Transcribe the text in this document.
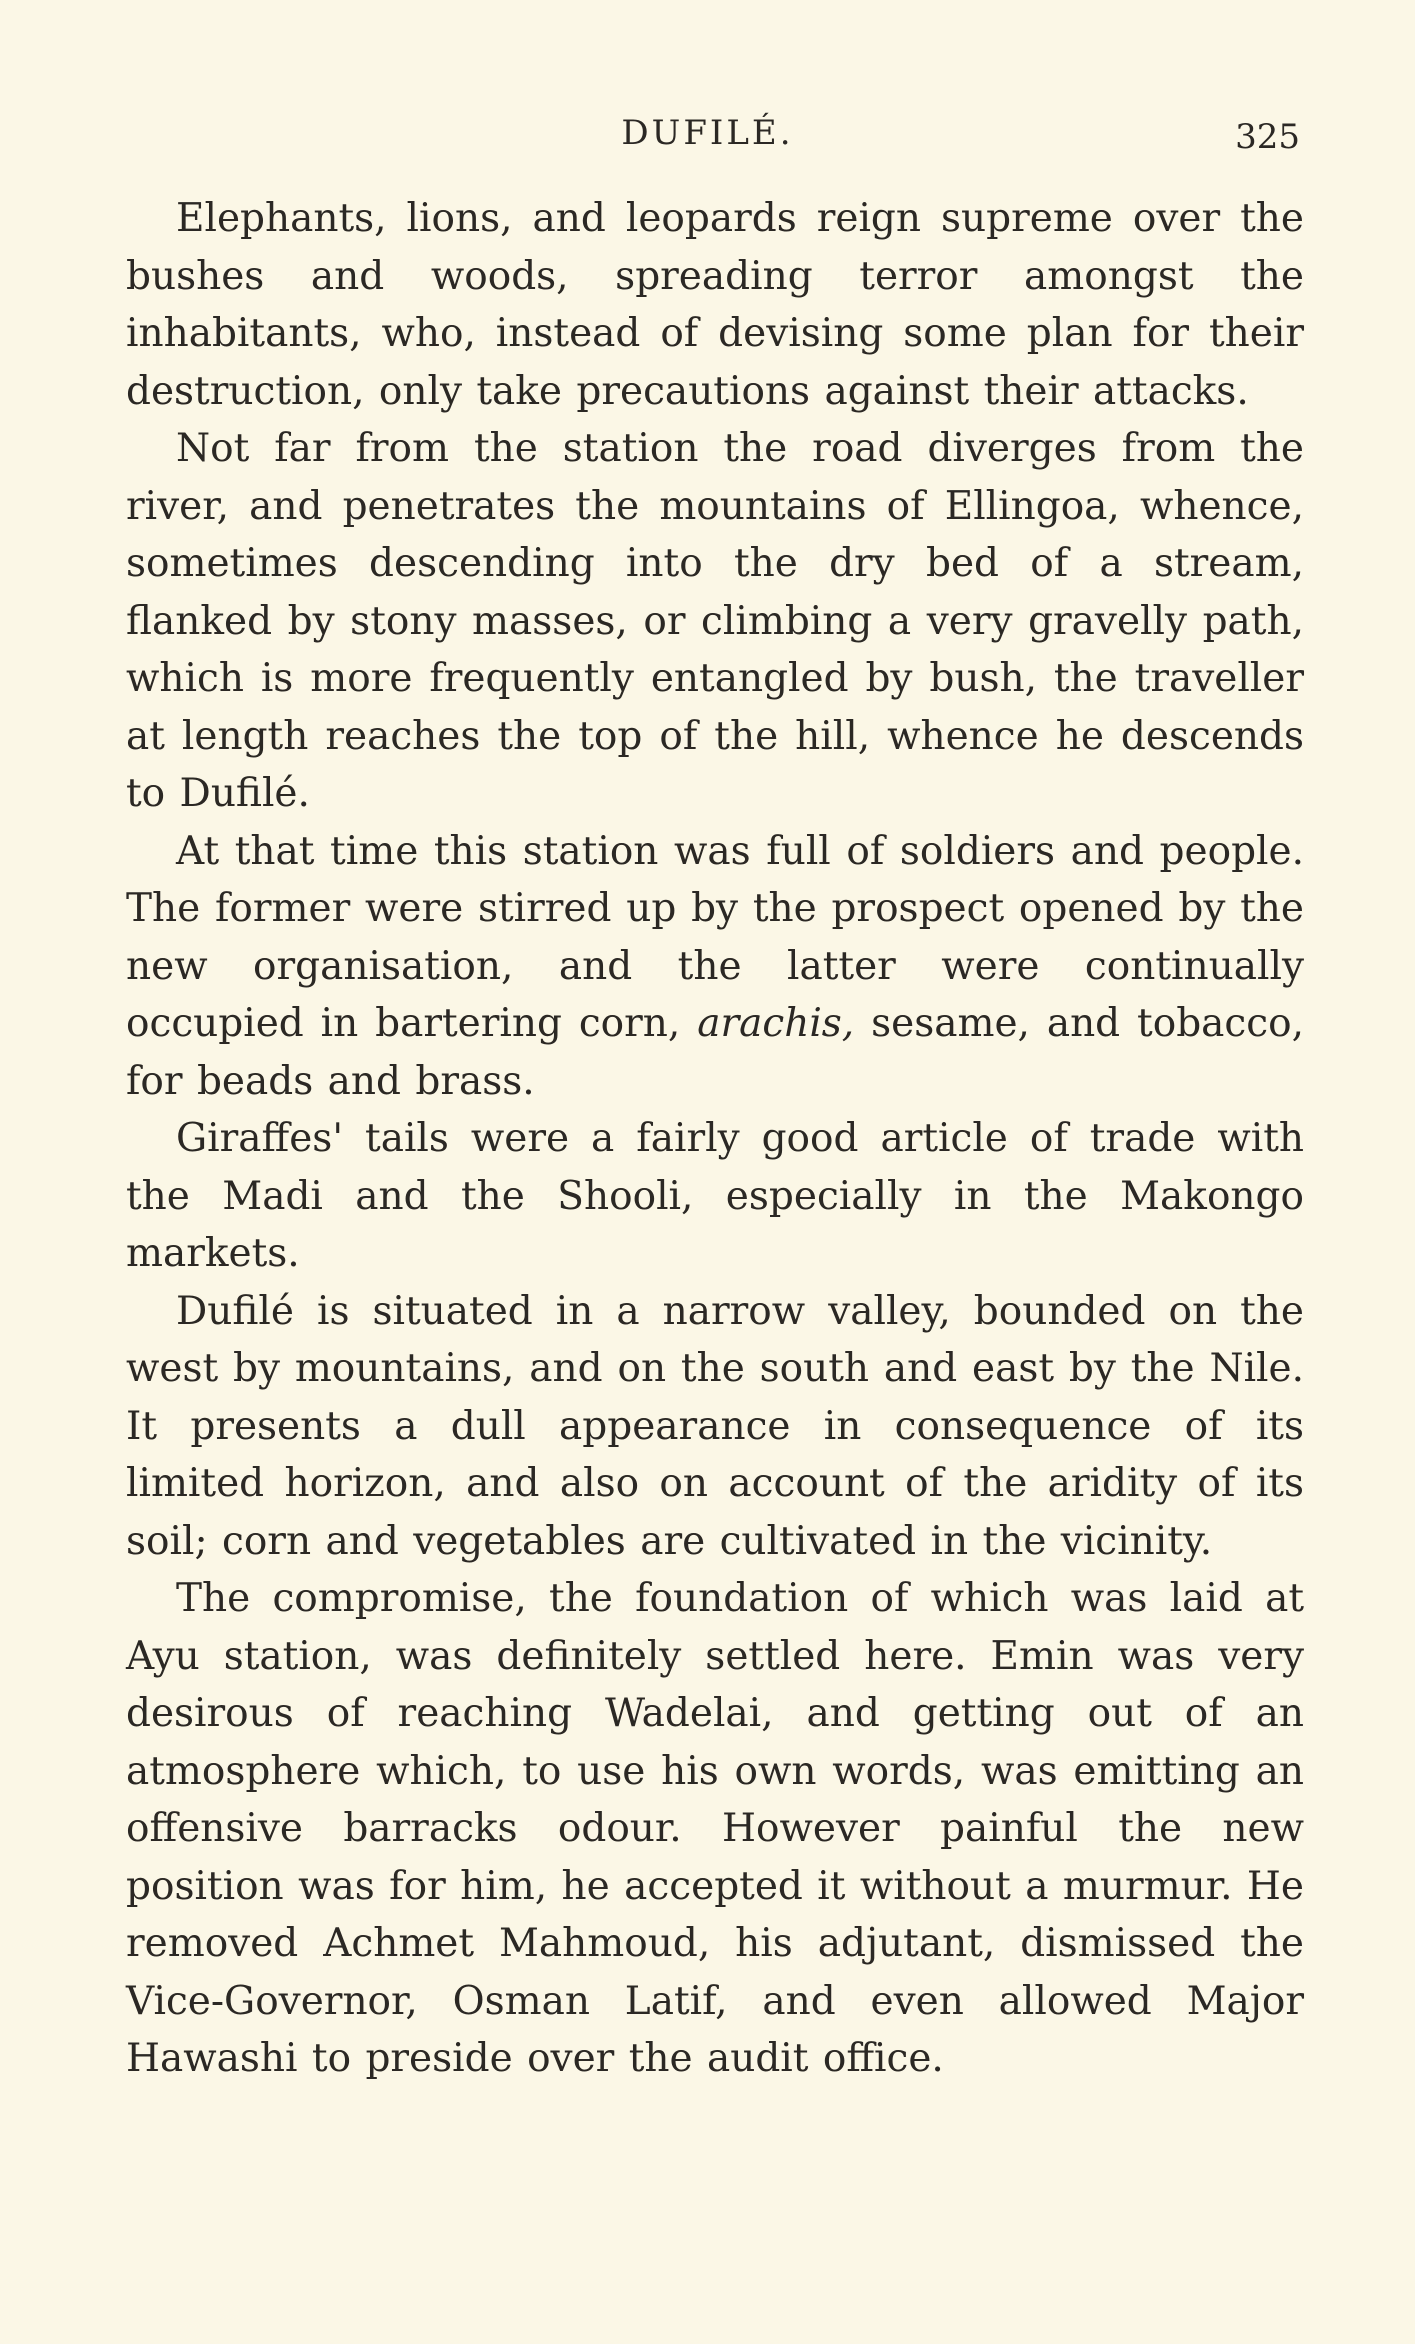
DUFILÉ.	325

Elephants, lions, and leopards reign supreme over the bushes and woods, spreading terror amongst the inhabitants, who, instead of devising some plan for their destruction, only take precautions against their attacks.

Not far from the station the road diverges from the river, and penetrates the mountains of Ellingoa, whence, sometimes descending into the dry bed of a stream, flanked by stony masses, or climbing a very gravelly path, which is more frequently entangled by bush, the traveller at length reaches the top of the hill, whence he descends to Dufilé.

At that time this station was full of soldiers and people. The former were stirred up by the prospect opened by the new organisation, and the latter were continually occupied in bartering corn, arachis, sesame, and tobacco, for beads and brass.

Giraffes' tails were a fairly good article of trade with the Madi and the Shooli, especially in the Makongo markets.

Dufilé is situated in a narrow valley, bounded on the west by mountains, and on the south and east by the Nile. It presents a dull appearance in consequence of its limited horizon, and also on account of the aridity of its soil; corn and vegetables are cultivated in the vicinity.

The compromise, the foundation of which was laid at Ayu station, was definitely settled here. Emin was very desirous of reaching Wadelai, and getting out of an atmosphere which, to use his own words, was emitting an offensive barracks odour. However painful the new position was for him, he accepted it without a murmur. He removed Achmet Mahmoud, his adjutant, dismissed the Vice-Governor, Osman Latif, and even allowed Major Hawashi to preside over the audit office.
